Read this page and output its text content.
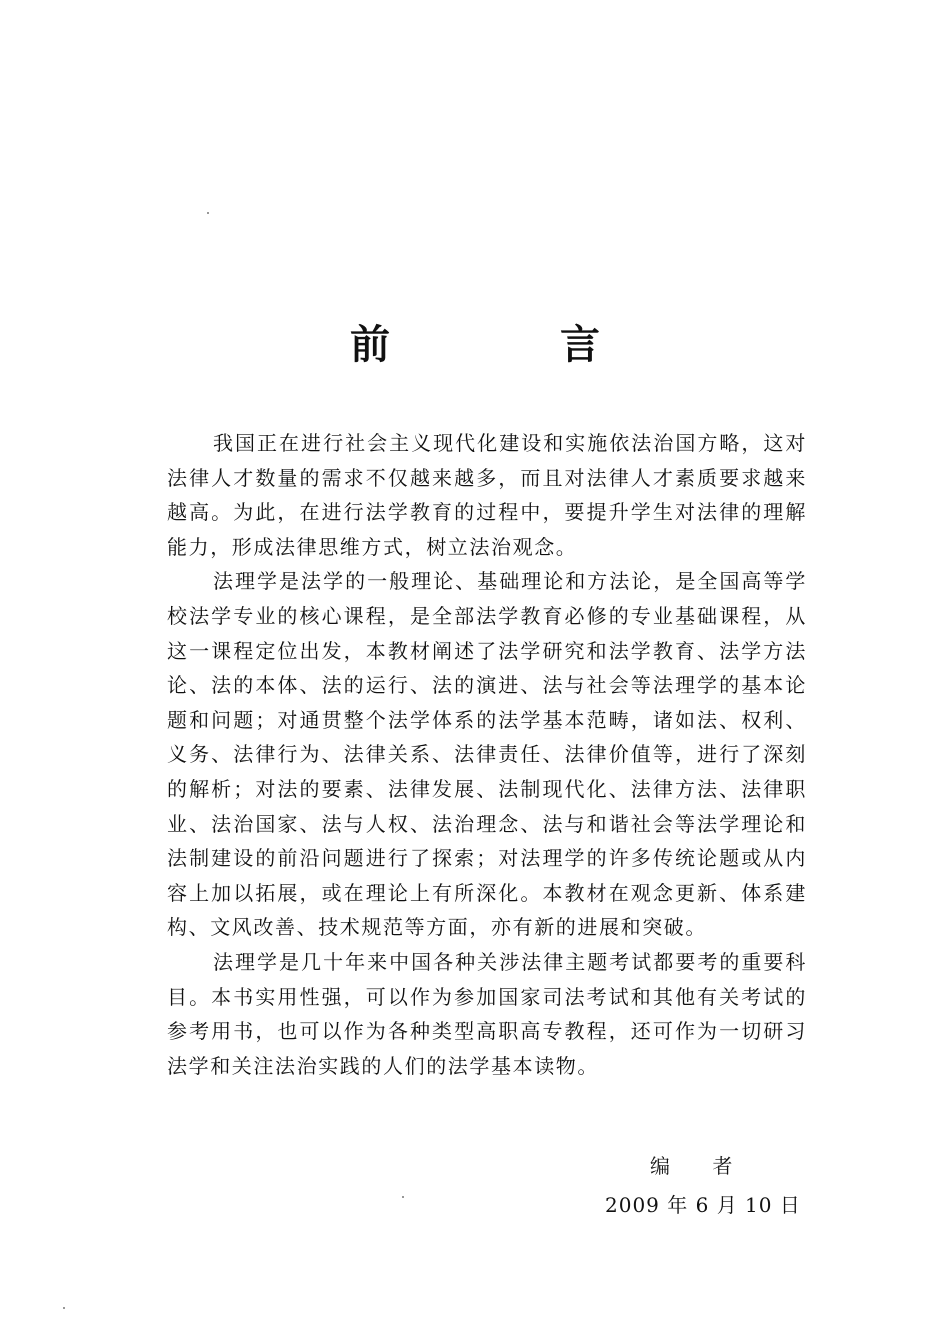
前 言

我国正在进行社会主义现代化建设和实施依法治国方略，这对法律人才数量的需求不仅越来越多，而且对法律人才素质要求越来越高。为此，在进行法学教育的过程中，要提升学生对法律的理解能力，形成法律思维方式，树立法治观念。

法理学是法学的一般理论、基础理论和方法论，是全国高等学校法学专业的核心课程，是全部法学教育必修的专业基础课程，从这一课程定位出发，本教材阐述了法学研究和法学教育、法学方法论、法的本体、法的运行、法的演进、法与社会等法理学的基本论题和问题；对通贯整个法学体系的法学基本范畴，诸如法、权利、义务、法律行为、法律关系、法律责任、法律价值等，进行了深刻的解析；对法的要素、法律发展、法制现代化、法律方法、法律职业、法治国家、法与人权、法治理念、法与和谐社会等法学理论和法制建设的前沿问题进行了探索；对法理学的许多传统论题或从内容上加以拓展，或在理论上有所深化。本教材在观念更新、体系建构、文风改善、技术规范等方面，亦有新的进展和突破。

法理学是几十年来中国各种关涉法律主题考试都要考的重要科目。本书实用性强，可以作为参加国家司法考试和其他有关考试的参考用书，也可以作为各种类型高职高专教程，还可作为一切研习法学和关注法治实践的人们的法学基本读物。

编 者
2009 年 6 月 10 日
